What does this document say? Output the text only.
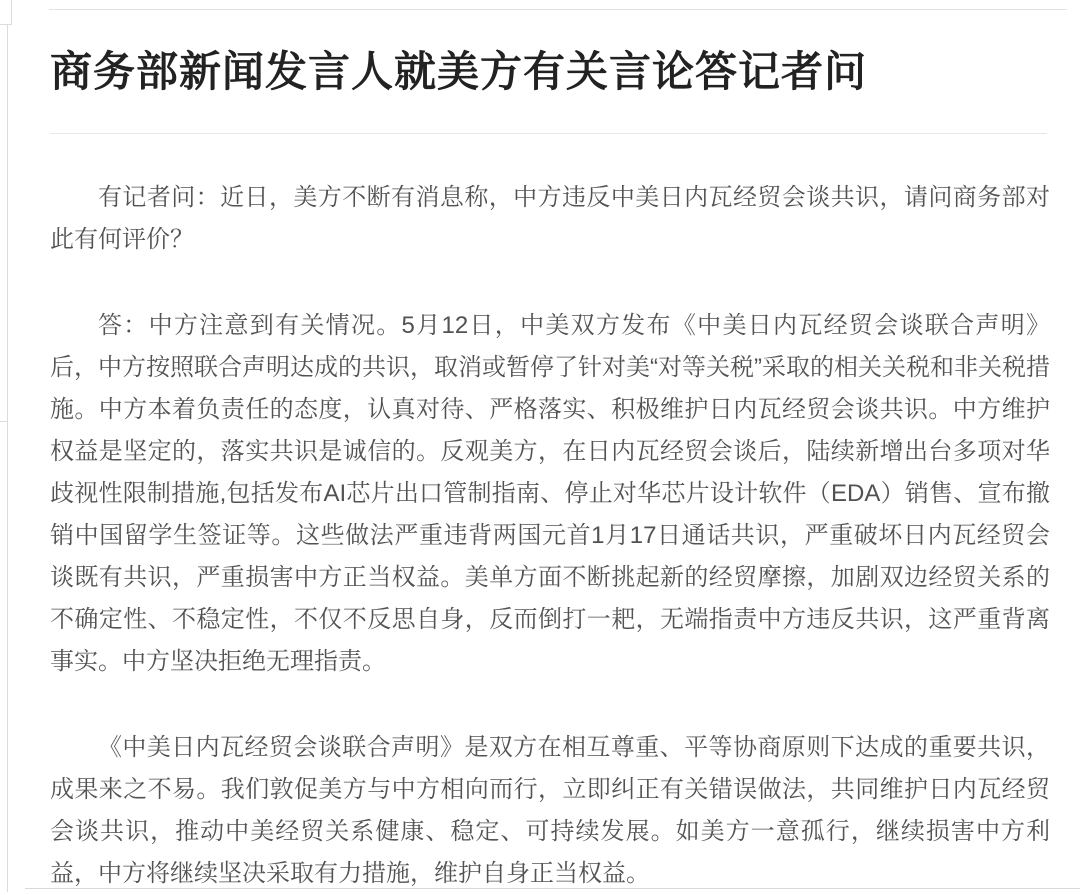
商务部新闻发言人就美方有关言论答记者问

有记者问：近日，美方不断有消息称，中方违反中美日内瓦经贸会谈共识，请问商务部对此有何评价？

答：中方注意到有关情况。5月12日，中美双方发布《中美日内瓦经贸会谈联合声明》后，中方按照联合声明达成的共识，取消或暂停了针对美“对等关税”采取的相关关税和非关税措施。中方本着负责任的态度，认真对待、严格落实、积极维护日内瓦经贸会谈共识。中方维护权益是坚定的，落实共识是诚信的。反观美方，在日内瓦经贸会谈后，陆续新增出台多项对华歧视性限制措施,包括发布AI芯片出口管制指南、停止对华芯片设计软件（EDA）销售、宣布撤销中国留学生签证等。这些做法严重违背两国元首1月17日通话共识，严重破坏日内瓦经贸会谈既有共识，严重损害中方正当权益。美单方面不断挑起新的经贸摩擦，加剧双边经贸关系的不确定性、不稳定性，不仅不反思自身，反而倒打一耙，无端指责中方违反共识，这严重背离事实。中方坚决拒绝无理指责。

《中美日内瓦经贸会谈联合声明》是双方在相互尊重、平等协商原则下达成的重要共识，成果来之不易。我们敦促美方与中方相向而行，立即纠正有关错误做法，共同维护日内瓦经贸会谈共识，推动中美经贸关系健康、稳定、可持续发展。如美方一意孤行，继续损害中方利益，中方将继续坚决采取有力措施，维护自身正当权益。
